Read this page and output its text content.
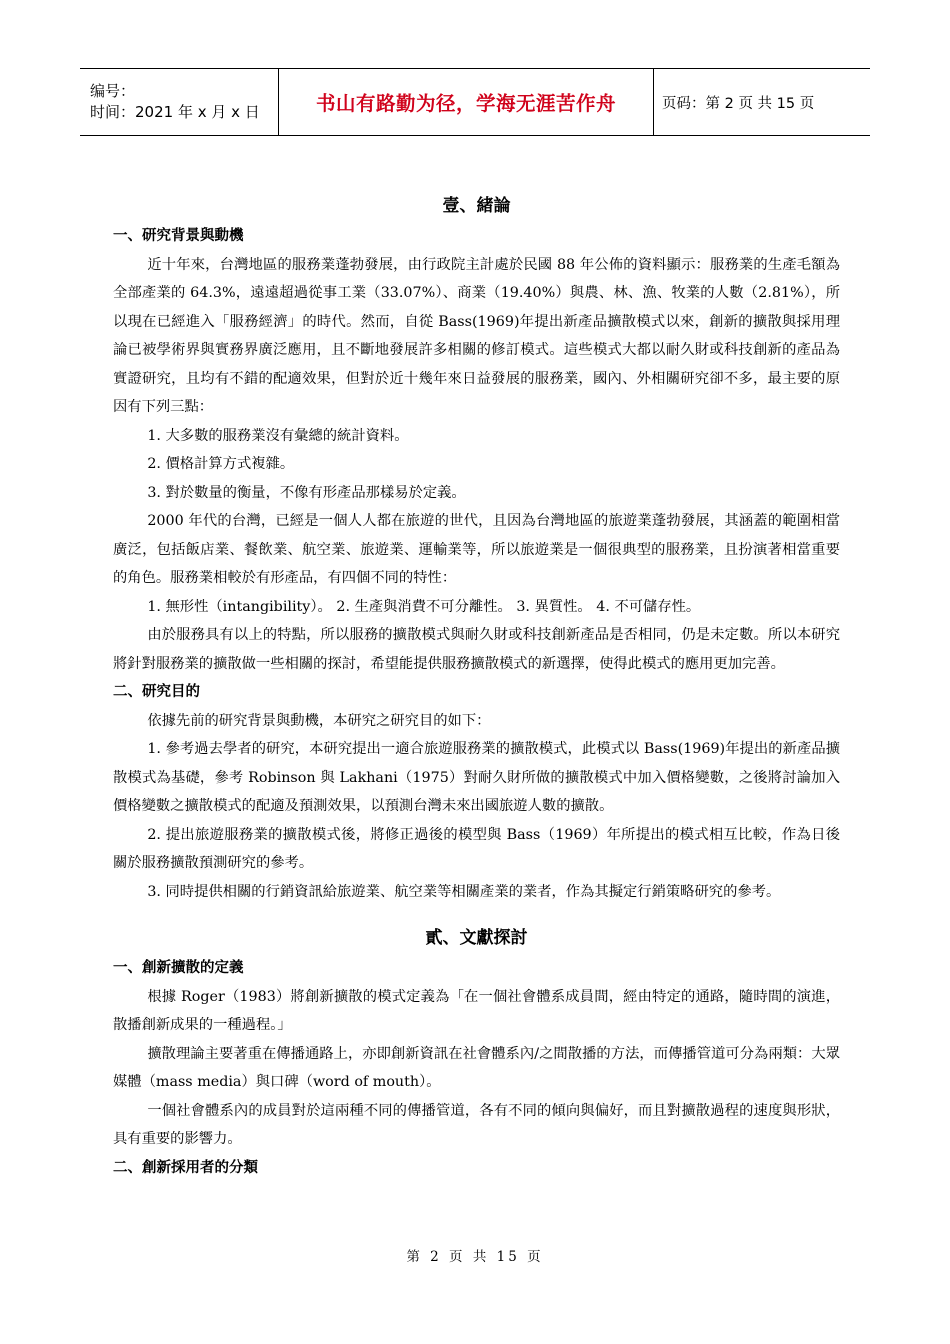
编号：
时间：2021 年 x 月 x 日	书山有路勤为径，学海无涯苦作舟	页码：第 2 页 共 15 页

壹、緒論

一、研究背景與動機

近十年來，台灣地區的服務業蓬勃發展，由行政院主計處於民國 88 年公佈的資料顯示：服務業的生產毛額為全部產業的 64.3%，遠遠超過從事工業（33.07%）、商業（19.40%）與農、林、漁、牧業的人數（2.81%），所以現在已經進入「服務經濟」的時代。然而，自從 Bass(1969)年提出新產品擴散模式以來，創新的擴散與採用理論已被學術界與實務界廣泛應用，且不斷地發展許多相關的修訂模式。這些模式大都以耐久財或科技創新的產品為實證研究，且均有不錯的配適效果，但對於近十幾年來日益發展的服務業，國內、外相關研究卻不多，最主要的原因有下列三點：

1. 大多數的服務業沒有彙總的統計資料。

2. 價格計算方式複雜。

3. 對於數量的衡量，不像有形產品那樣易於定義。

2000 年代的台灣，已經是一個人人都在旅遊的世代，且因為台灣地區的旅遊業蓬勃發展，其涵蓋的範圍相當廣泛，包括飯店業、餐飲業、航空業、旅遊業、運輸業等，所以旅遊業是一個很典型的服務業，且扮演著相當重要的角色。服務業相較於有形產品，有四個不同的特性：

1. 無形性（intangibility）。 2. 生產與消費不可分離性。 3. 異質性。 4. 不可儲存性。

由於服務具有以上的特點，所以服務的擴散模式與耐久財或科技創新產品是否相同，仍是未定數。所以本研究將針對服務業的擴散做一些相關的探討，希望能提供服務擴散模式的新選擇，使得此模式的應用更加完善。

二、研究目的

依據先前的研究背景與動機，本研究之研究目的如下：

1. 參考過去學者的研究，本研究提出一適合旅遊服務業的擴散模式，此模式以 Bass(1969)年提出的新產品擴散模式為基礎，參考 Robinson 與 Lakhani（1975）對耐久財所做的擴散模式中加入價格變數，之後將討論加入價格變數之擴散模式的配適及預測效果，以預測台灣未來出國旅遊人數的擴散。

2. 提出旅遊服務業的擴散模式後，將修正過後的模型與 Bass（1969）年所提出的模式相互比較，作為日後關於服務擴散預測研究的參考。

3. 同時提供相關的行銷資訊給旅遊業、航空業等相關產業的業者，作為其擬定行銷策略研究的參考。

貳、文獻探討

一、創新擴散的定義

根據 Roger（1983）將創新擴散的模式定義為「在一個社會體系成員間，經由特定的通路，隨時間的演進，散播創新成果的一種過程。」

擴散理論主要著重在傳播通路上，亦即創新資訊在社會體系內/之間散播的方法，而傳播管道可分為兩類：大眾媒體（mass media）與口碑（word of mouth）。

一個社會體系內的成員對於這兩種不同的傳播管道，各有不同的傾向與偏好，而且對擴散過程的速度與形狀，具有重要的影響力。

二、創新採用者的分類

第 2 页 共 15 页
